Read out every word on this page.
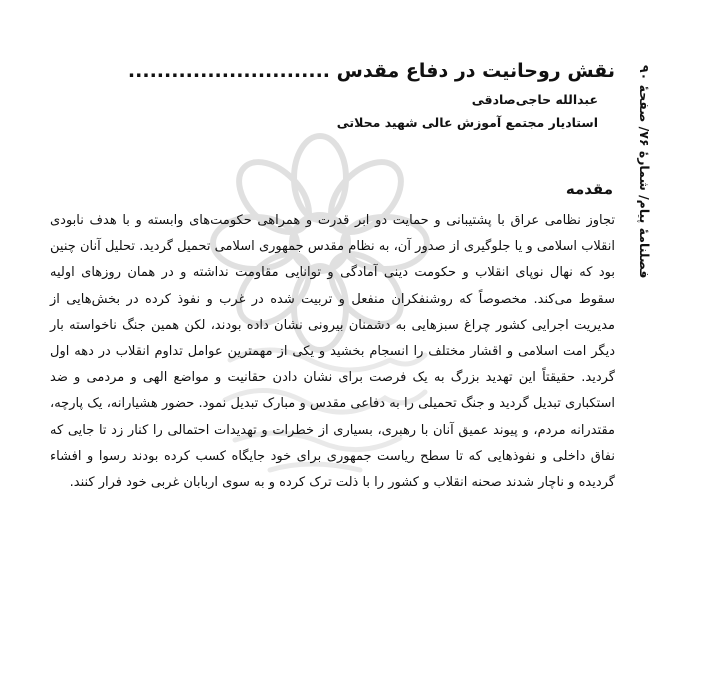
نقش روحانیت در دفاع مقدس ............................
عبدالله حاجی‌صادقی
استادیار مجتمع آموزش عالی شهید محلاتی
فصلنامهٔ پیام/ شمارهٔ ۷۶/ صفحهٔ ۹۰
مقدمه

تجاوز نظامی عراق با پشتیبانی و حمایت دو ابر قدرت و همراهی حکومت‌های وابسته و با هدف نابودی انقلاب اسلامی و یا جلوگیری از صدور آن، به نظام مقدس جمهوری اسلامی تحمیل گردید. تحلیل آنان چنین بود که نهال نوپای انقلاب و حکومت دینی آمادگی و توانایی مقاومت نداشته و در همان روزهای اولیه سقوط می‌کند. مخصوصاً که روشنفکران منفعل و تربیت شده در غرب و نفوذ کرده در بخش‌هایی از مدیریت اجرایی کشور چراغ سبزهایی به دشمنان بیرونی نشان داده بودند، لکن همین جنگ ناخواسته بار دیگر امت اسلامی و اقشار مختلف را انسجام بخشید و یکی از مهمترین عوامل تداوم انقلاب در دهه اول گردید. حقیقتاً این تهدید بزرگ به یک فرصت برای نشان دادن حقانیت و مواضع الهی و مردمی و ضد استکباری تبدیل گردید و جنگ تحمیلی را به دفاعی مقدس و مبارک تبدیل نمود. حضور هشیارانه، یک پارچه، مقتدرانه مردم، و پیوند عمیق آنان با رهبری، بسیاری از خطرات و تهدیدات احتمالی را کنار زد تا جایی که نفاق داخلی و نفوذهایی که تا سطح ریاست جمهوری برای خود جایگاه کسب کرده بودند رسوا و افشاء گردیده و ناچار شدند صحنه انقلاب و کشور را با ذلت ترک کرده و به سوی اربابان غربی خود فرار کنند.
